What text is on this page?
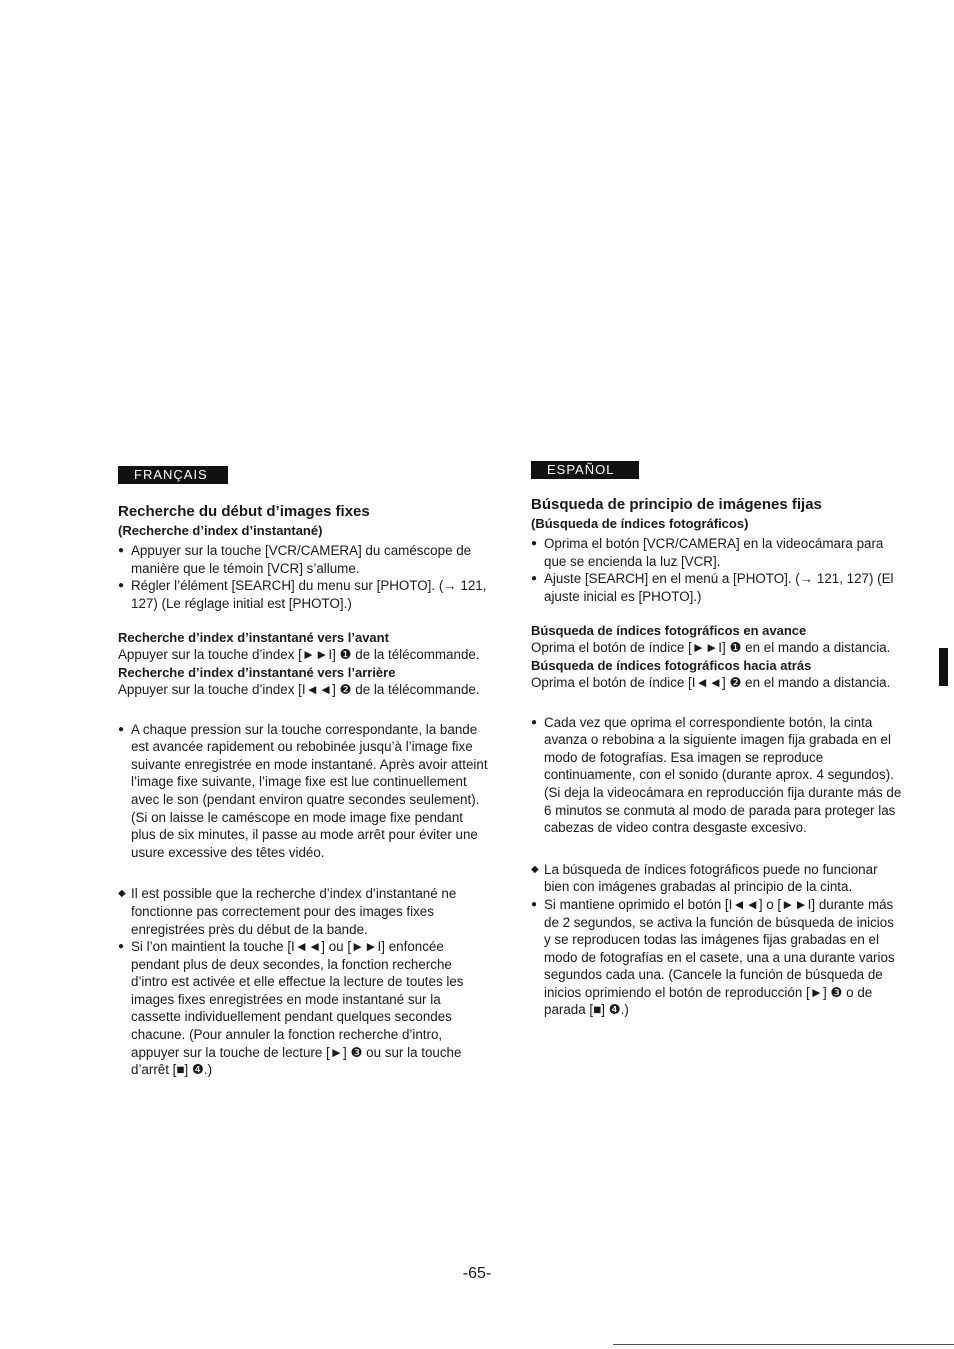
FRANÇAIS
Recherche du début d’images fixes
(Recherche d’index d’instantané)
● Appuyer sur la touche [VCR/CAMERA] du caméscope de manière que le témoin [VCR] s’allume.
● Régler l’élément [SEARCH] du menu sur [PHOTO]. (→ 121, 127) (Le réglage initial est [PHOTO].)
Recherche d’index d’instantané vers l’avant

Appuyer sur la touche d’index [►►I] ❶ de la télécommande.

Recherche d’index d’instantané vers l’arrière

Appuyer sur la touche d’index [I◄◄] ❷ de la télécommande.

● A chaque pression sur la touche correspondante, la bande est avancée rapidement ou rebobinée jusqu’à l’image fixe suivante enregistrée en mode instantané. Après avoir atteint l’image fixe suivante, l’image fixe est lue continuellement avec le son (pendant environ quatre secondes seulement). (Si on laisse le caméscope en mode image fixe pendant plus de six minutes, il passe au mode arrêt pour éviter une usure excessive des têtes vidéo.
◆ Il est possible que la recherche d’index d’instantané ne fonctionne pas correctement pour des images fixes enregistrées près du début de la bande.
● Si l’on maintient la touche [I◄◄] ou [►►I] enfoncée pendant plus de deux secondes, la fonction recherche d’intro est activée et elle effectue la lecture de toutes les images fixes enregistrées en mode instantané sur la cassette individuellement pendant quelques secondes chacune. (Pour annuler la fonction recherche d’intro, appuyer sur la touche de lecture [►] ❸ ou sur la touche d’arrêt [■] ❹.)
ESPAÑOL
Búsqueda de principio de imágenes fijas
(Búsqueda de índices fotográficos)
● Oprima el botón [VCR/CAMERA] en la videocámara para que se encienda la luz [VCR].
● Ajuste [SEARCH] en el menú a [PHOTO]. (→ 121, 127) (El ajuste inicial es [PHOTO].)
Búsqueda de índices fotográficos en avance

Oprima el botón de índice [►►I] ❶ en el mando a distancia.

Búsqueda de índices fotográficos hacia atrás

Oprima el botón de índice [I◄◄] ❷ en el mando a distancia.

● Cada vez que oprima el correspondiente botón, la cinta avanza o rebobina a la siguiente imagen fija grabada en el modo de fotografías. Esa imagen se reproduce continuamente, con el sonido (durante aprox. 4 segundos). (Si deja la videocámara en reproducción fija durante más de 6 minutos se conmuta al modo de parada para proteger las cabezas de video contra desgaste excesivo.
◆ La búsqueda de índices fotográficos puede no funcionar bien con imágenes grabadas al principio de la cinta.
● Si mantiene oprimido el botón [I◄◄] o [►►I] durante más de 2 segundos, se activa la función de búsqueda de inicios y se reproducen todas las imágenes fijas grabadas en el modo de fotografías en el casete, una a una durante varios segundos cada una. (Cancele la función de búsqueda de inicios oprimiendo el botón de reproducción [►] ❸ o de parada [■] ❹.)
-65-
